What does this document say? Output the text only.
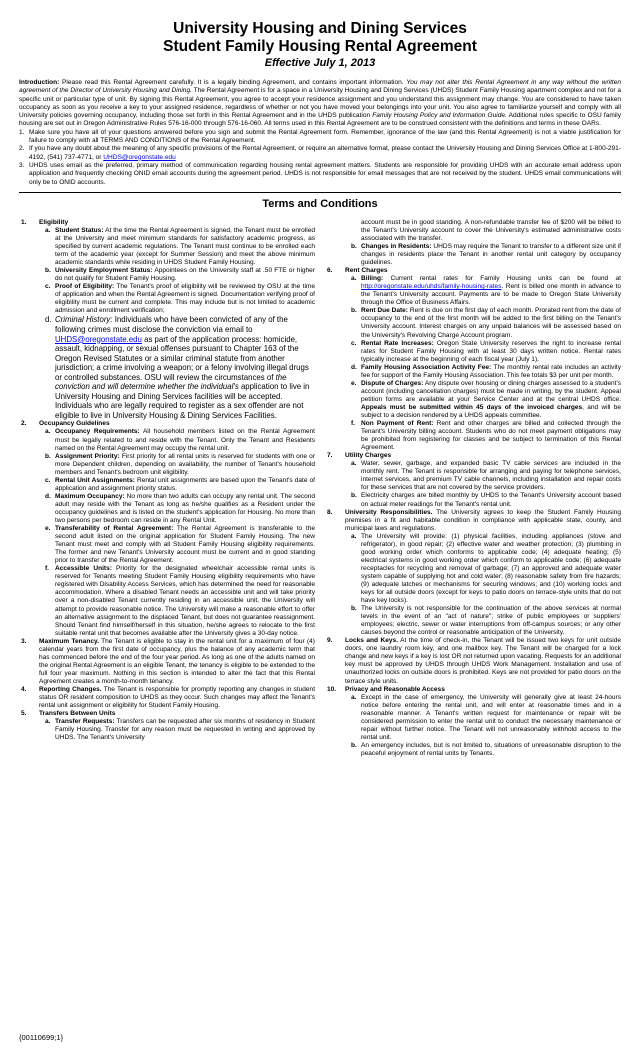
University Housing and Dining Services
Student Family Housing Rental Agreement
Effective July 1, 2013
Introduction: Please read this Rental Agreement carefully. It is a legally binding Agreement, and contains important information. You may not alter this Rental Agreement in any way without the written agreement of the Director of University Housing and Dining. The Rental Agreement is for a space in a University Housing and Dining Services (UHDS) Student Family Housing apartment complex and not for a specific unit or particular type of unit. By signing this Rental Agreement, you agree to accept your residence assignment and you understand this assignment may change. You are considered to have taken occupancy as soon as you receive a key to your assigned residence, regardless of whether or not you have moved your belongings into your unit. You also agree to familiarize yourself and comply with all University policies governing occupancy, including those set forth in this Rental Agreement and in the UHDS publication Family Housing Policy and Information Guide. Additional rules specific to OSU family housing are set out in Oregon Administrative Rules 576-16-000 through 576-16-060. All terms used in this Rental Agreement are to be construed consistent with the definitions and terms in these OARs.
1. Make sure you have all of your questions answered before you sign and submit the Rental Agreement form. Remember, ignorance of the law (and this Rental Agreement) is not a viable justification for failure to comply with all TERMS AND CONDITIONS of the Rental Agreement.
2. If you have any doubt about the meaning of any specific provisions of the Rental Agreement, or require an alternative format, please contact the University Housing and Dining Services Office at 1-800-291-4192, (541) 737-4771, or UHDS@oregonstate.edu
3. UHDS uses email as the preferred, primary method of communication regarding housing rental agreement matters. Students are responsible for providing UHDS with an accurate email address upon application and frequently checking ONID email accounts during the agreement period. UHDS is not responsible for email messages that are not received by the student. UHDS email communications will only be to ONID accounts.
Terms and Conditions
1. Eligibility
a. Student Status: At the time the Rental Agreement is signed, the Tenant must be enrolled at the University and meet minimum standards for satisfactory academic progress, as specified by current academic regulations. The Tenant must continue to be enrolled each term of the academic year (except for Summer Session) and meet the above minimum academic standards while residing in UHDS Student Family Housing.
b. University Employment Status: Appointees on the University staff at .50 FTE or higher do not qualify for Student Family Housing.
c. Proof of Eligibility: The Tenant's proof of eligibility will be reviewed by OSU at the time of application and when the Rental Agreement is signed. Documentation verifying proof of eligibility must be current and complete. This may include but is not limited to academic admission and enrollment verification;
d. Criminal History: Individuals who have been convicted of any of the following crimes must disclose the conviction via email to UHDS@oregonstate.edu as part of the application process: homicide, assault, kidnapping, or sexual offenses pursuant to Chapter 163 of the Oregon Revised Statutes or a similar criminal statute from another jurisdiction; a crime involving a weapon; or a felony involving illegal drugs or controlled substances. OSU will review the circumstances of the conviction and will determine whether the individual's application to live in University Housing and Dining Services facilities will be accepted. Individuals who are legally required to register as a sex offender are not eligible to live in University Housing & Dining Services Facilities.
2. Occupancy Guidelines
a. Occupancy Requirements: All household members listed on the Rental Agreement must be legally related to and reside with the Tenant. Only the Tenant and Residents named on the Rental Agreement may occupy the rental unit.
b. Assignment Priority: First priority for all rental units is reserved for students with one or more Dependent children, depending on availability, the number of Tenant's household members and Tenant's bedroom unit eligibility.
c. Rental Unit Assignments: Rental unit assignments are based upon the Tenant's date of application and assignment priority status.
d. Maximum Occupancy: No more than two adults can occupy any rental unit. The second adult may reside with the Tenant as long as he/she qualifies as a Resident under the occupancy guidelines and is listed on the student's application for Housing. No more than two persons per bedroom can reside in any Rental Unit.
e. Transferability of Rental Agreement: The Rental Agreement is transferable to the second adult listed on the original application for Student Family Housing. The new Tenant must meet and comply with all Student Family Housing eligibility requirements. The former and new Tenant's University account must be current and in good standing prior to transfer of the Rental Agreement.
f. Accessible Units: Priority for the designated wheelchair accessible rental units is reserved for Tenants meeting Student Family Housing eligibility requirements who have registered with Disability Access Services, which has determined the need for reasonable accommodation. Where a disabled Tenant needs an accessible unit and will take priority over a non-disabled Tenant currently residing in an accessible unit, the University will attempt to provide reasonable notice. The University will make a reasonable effort to offer an alternative assignment to the displaced Tenant, but does not guarantee reassignment. Should Tenant find himself/herself in this situation, he/she agrees to relocate to the first suitable rental unit that becomes available after the University gives a 30-day notice.
3. Maximum Tenancy. The Tenant is eligible to stay in the rental unit for a maximum of four (4) calendar years from the first date of occupancy, plus the balance of any academic term that has commenced before the end of the four year period. As long as one of the adults named on the original Rental Agreement is an eligible Tenant, the tenancy is eligible to be extended to the full four year maximum. Nothing in this section is intended to alter the fact that this Rental Agreement creates a month-to-month tenancy.
4. Reporting Changes. The Tenant is responsible for promptly reporting any changes in student status OR resident composition to UHDS as they occur. Such changes may affect the Tenant's rental unit assignment or eligibility for Student Family Housing.
5. Transfers Between Units
a. Transfer Requests: Transfers can be requested after six months of residency in Student Family Housing. Transfer for any reason must be requested in writing and approved by UHDS. The Tenant's University
account must be in good standing. A non-refundable transfer fee of $200 will be billed to the Tenant's University account to cover the University's estimated administrative costs associated with the transfer.
b. Changes in Residents: UHDS may require the Tenant to transfer to a different size unit if changes in residents place the Tenant in another rental unit category by occupancy guidelines.
6. Rent Charges
a. Billing: Current rental rates for Family Housing units can be found at http://oregonstate.edu/uhds/family-housing-rates. Rent is billed one month in advance to the Tenant's University account. Payments are to be made to Oregon State University through the Office of Business Affairs.
b. Rent Due Date: Rent is due on the first day of each month. Prorated rent from the date of occupancy to the end of the first month will be added to the first billing on the Tenant's University account. Interest charges on any unpaid balances will be assessed based on the University's Revolving Charge Account program.
c. Rental Rate Increases: Oregon State University reserves the right to increase rental rates for Student Family Housing with at least 30 days written notice. Rental rates typically increase at the beginning of each fiscal year (July 1).
d. Family Housing Association Activity Fee: The monthly rental rate includes an activity fee for support of the Family Housing Association. This fee totals $3 per unit per month.
e. Dispute of Charges: Any dispute over housing or dining charges assessed to a student's account (including cancellation charges) must be made in writing, by the student. Appeal petition forms are available at your Service Center and at the central UHDS office. Appeals must be submitted within 45 days of the invoiced charges, and will be subject to a decision rendered by a UHDS appeals committee.
f. Non Payment of Rent: Rent and other charges are billed and collected through the Tenant's University billing account. Students who do not meet payment obligations may be prohibited from registering for classes and be subject to termination of this Rental Agreement.
7. Utility Charges
a. Water, sewer, garbage, and expanded basic TV cable services are included in the monthly rent. The Tenant is responsible for arranging and paying for telephone services, internet services, and premium TV cable channels, including installation and repair costs for these services that are not covered by the service providers.
b. Electricity charges are billed monthly by UHDS to the Tenant's University account based on actual meter readings for the Tenant's rental unit.
8. University Responsibilities. The University agrees to keep the Student Family Housing premises in a fit and habitable condition in compliance with applicable state, county, and municipal laws and regulations.
a. The University will provide: (1) physical facilities, including appliances (stove and refrigerator), in good repair; (2) effective water and weather protection; (3) plumbing in good working order which conforms to applicable code; (4) adequate heating; (5) electrical systems in good working order which conform to applicable code; (6) adequate receptacles for recycling and removal of garbage; (7) an approved and adequate water system capable of supplying hot and cold water; (8) reasonable safety from fire hazards; (9) adequate latches or mechanisms for securing windows; and (10) working locks and keys for all outside doors (except for keys to patio doors on terrace-style units that do not have key locks).
b. The University is not responsible for the continuation of the above services at normal levels in the event of an "act of nature"; strike of public employees or suppliers' employees; electric, sewer or water interruptions from off-campus sources; or any other causes beyond the control or reasonable anticipation of the University.
9. Locks and Keys. At the time of check-in, the Tenant will be issued two keys for unit outside doors, one laundry room key, and one mailbox key. The Tenant will be charged for a lock change and new keys if a key is lost OR not returned upon vacating. Requests for an additional key must be approved by UHDS through UHDS Work Management. Installation and use of unauthorized locks on outside doors is prohibited. Keys are not provided for patio doors on the terrace style units.
10. Privacy and Reasonable Access
a. Except in the case of emergency, the University will generally give at least 24-hours notice before entering the rental unit, and will enter at reasonable times and in a reasonable manner. A Tenant's written request for maintenance or repair will be considered permission to enter the rental unit to conduct the necessary maintenance or repair without further notice. The Tenant will not unreasonably withhold access to the rental unit.
b. An emergency includes, but is not limited to, situations of unreasonable disruption to the peaceful enjoyment of rental units by Tenants.
{00110699;1}
